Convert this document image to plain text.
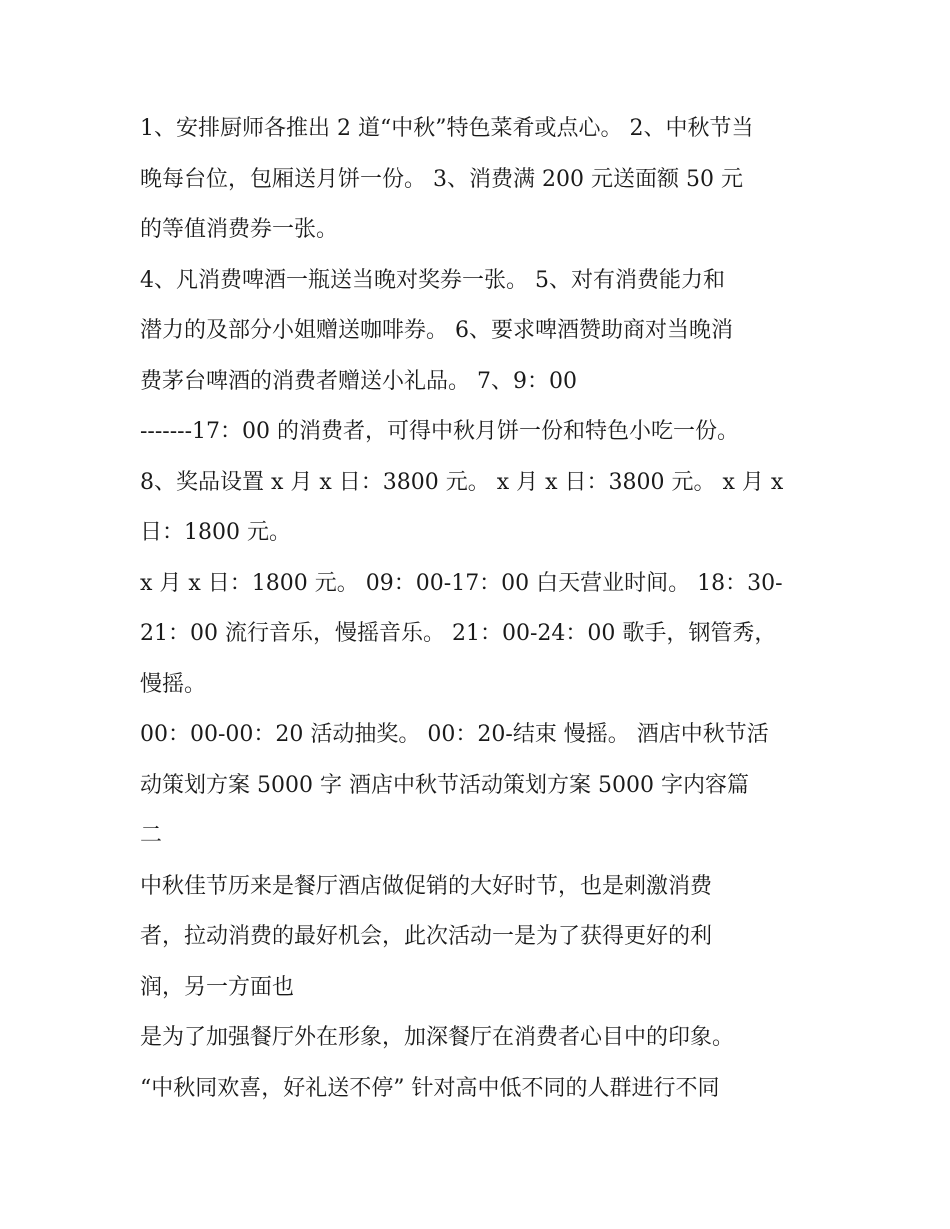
1、安排厨师各推出 2 道“中秋”特色菜肴或点心。 2、中秋节当
晚每台位，包厢送月饼一份。 3、消费满 200 元送面额 50 元
的等值消费券一张。
4、凡消费啤酒一瓶送当晚对奖券一张。 5、对有消费能力和
潜力的及部分小姐赠送咖啡券。 6、要求啤酒赞助商对当晚消
费茅台啤酒的消费者赠送小礼品。 7、9：00
-------17：00 的消费者，可得中秋月饼一份和特色小吃一份。
8、奖品设置 x 月 x 日：3800 元。 x 月 x 日：3800 元。 x 月 x
日：1800 元。
x 月 x 日：1800 元。 09：00-17：00 白天营业时间。 18：30-
21：00 流行音乐，慢摇音乐。 21：00-24：00 歌手，钢管秀，
慢摇。
00：00-00：20 活动抽奖。 00：20-结束 慢摇。 酒店中秋节活
动策划方案 5000 字 酒店中秋节活动策划方案 5000 字内容篇
二
中秋佳节历来是餐厅酒店做促销的大好时节，也是刺激消费
者，拉动消费的最好机会，此次活动一是为了获得更好的利
润，另一方面也
是为了加强餐厅外在形象，加深餐厅在消费者心目中的印象。
“中秋同欢喜，好礼送不停” 针对高中低不同的人群进行不同
